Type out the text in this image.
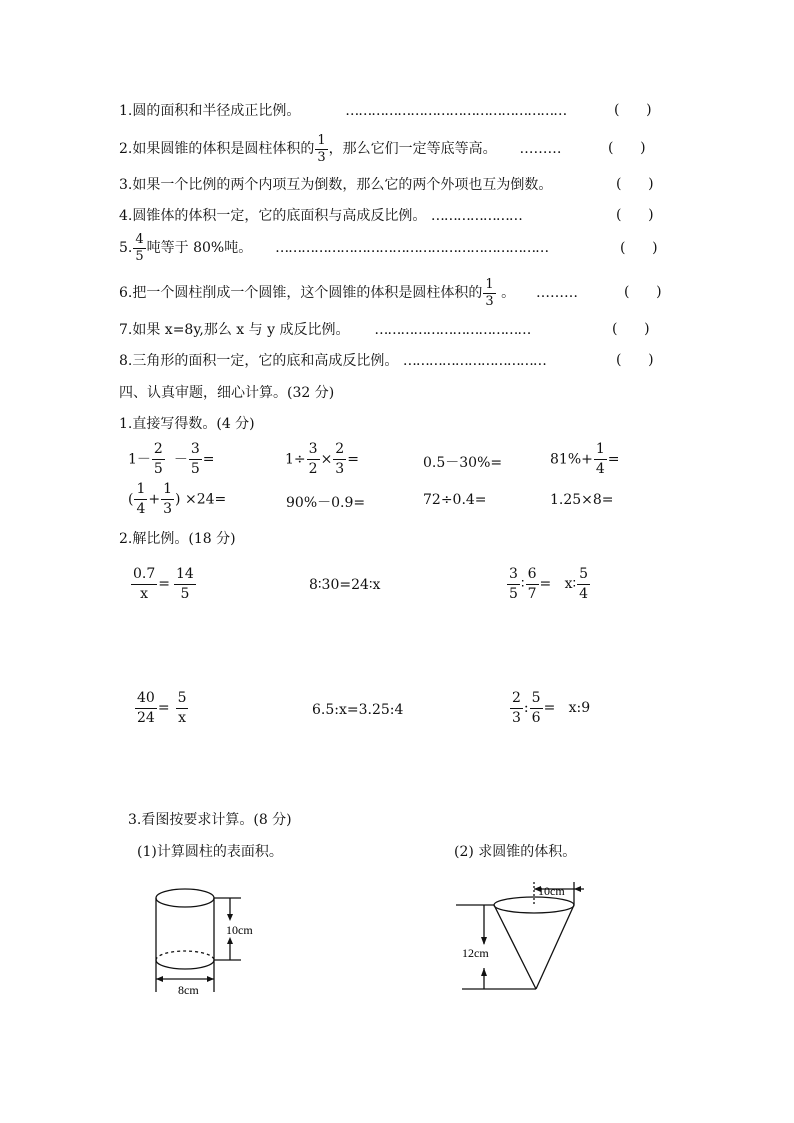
1.圆的面积和半径成正比例。	……………………………………………	(      )
2.如果圆锥的体积是圆柱体积的 $\frac{1}{3}$ ，那么它们一定等底等高。 ………	(      )
3.如果一个比例的两个内项互为倒数，那么它的两个外项也互为倒数。	(      )
4.圆锥体的体积一定，它的底面积与高成反比例。 …………………	(      )
5. $\frac{4}{5}$ 吨等于 80%吨。 ………………………………………………………	(      )
6.把一个圆柱削成一个圆锥，这个圆锥的体积是圆柱体积的 $\frac{1}{3}$ 。 ………	(      )
7.如果 x=8y,那么 x 与 y 成反比例。 ………………………………	(      )
8.三角形的面积一定，它的底和高成反比例。 ……………………………	(      )
四、认真审题，细心计算。(32 分)
1.直接写得数。(4 分)
$1- \frac{2}{5} - \frac{3}{5}$ =	$1\div \frac{3}{2} \times \frac{2}{3}$ =	0.5－30%=	$81\%+ \frac{1}{4}$ =
( $\frac{1}{4} + \frac{1}{3}$ ) ×24=	90%－0.9=	72÷0.4=	1.25×8=
2.解比例。(18 分)
$\frac{0.7}{x} = \frac{14}{5}$	8∶30=24∶x	$\frac{3}{5}$ ∶ $\frac{6}{7}$ =   x∶ $\frac{5}{4}$
$\frac{40}{24} = \frac{5}{x}$	6.5:x=3.25:4	$\frac{2}{3}$ : $\frac{5}{6}$ =   x:9
3.看图按要求计算。(8 分)
(1)计算圆柱的表面积。	(2) 求圆锥的体积。
10cm
8cm
10cm
12cm
